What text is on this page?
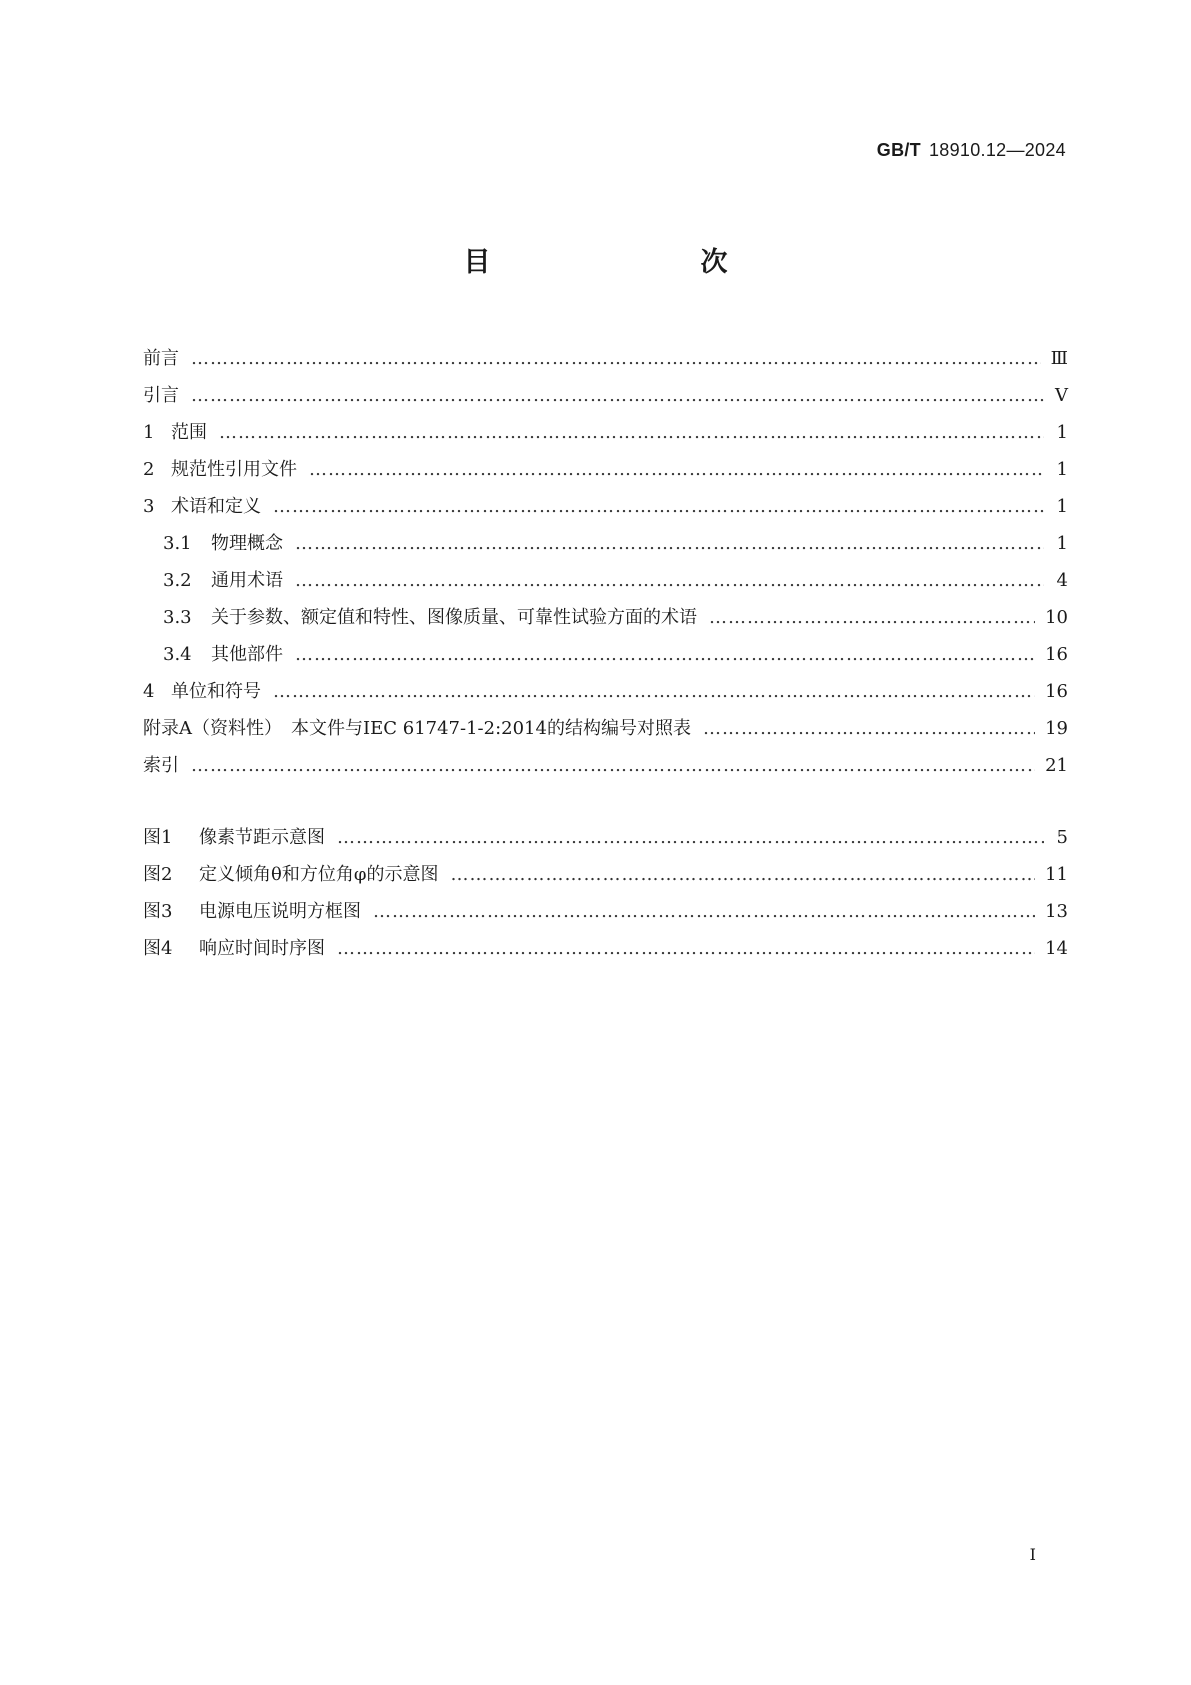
GB/T 18910.12—2024
目　　次
前言 …………………………………………………………………………………………………………………………………………………………………………………………………………………	Ⅲ
引言 …………………………………………………………………………………………………………………………………………………………………………………………………………………	Ⅴ
1 范围 …………………………………………………………………………………………………………………………………………………………………………………………………………………	1
2 规范性引用文件 …………………………………………………………………………………………………………………………………………………………………………………………………………………	1
3 术语和定义 …………………………………………………………………………………………………………………………………………………………………………………………………………………	1
3.1 物理概念 …………………………………………………………………………………………………………………………………………………………………………………………………………………	1
3.2 通用术语 …………………………………………………………………………………………………………………………………………………………………………………………………………………	4
3.3 关于参数、额定值和特性、图像质量、可靠性试验方面的术语 …………………………………………………………………………………………………………………………………………………………………………………………………………………	10
3.4 其他部件 …………………………………………………………………………………………………………………………………………………………………………………………………………………	16
4 单位和符号 …………………………………………………………………………………………………………………………………………………………………………………………………………………	16
附录A（资料性）　本文件与IEC 61747-1-2:2014的结构编号对照表 …………………………………………………………………………………………………………………………………………………………………………………………………………………	19
索引 …………………………………………………………………………………………………………………………………………………………………………………………………………………	21
图1 像素节距示意图 …………………………………………………………………………………………………………………………………………………………………………………………………………………	5
图2 定义倾角θ和方位角φ的示意图 …………………………………………………………………………………………………………………………………………………………………………………………………………………	11
图3 电源电压说明方框图 …………………………………………………………………………………………………………………………………………………………………………………………………………………	13
图4 响应时间时序图 …………………………………………………………………………………………………………………………………………………………………………………………………………………	14
I
